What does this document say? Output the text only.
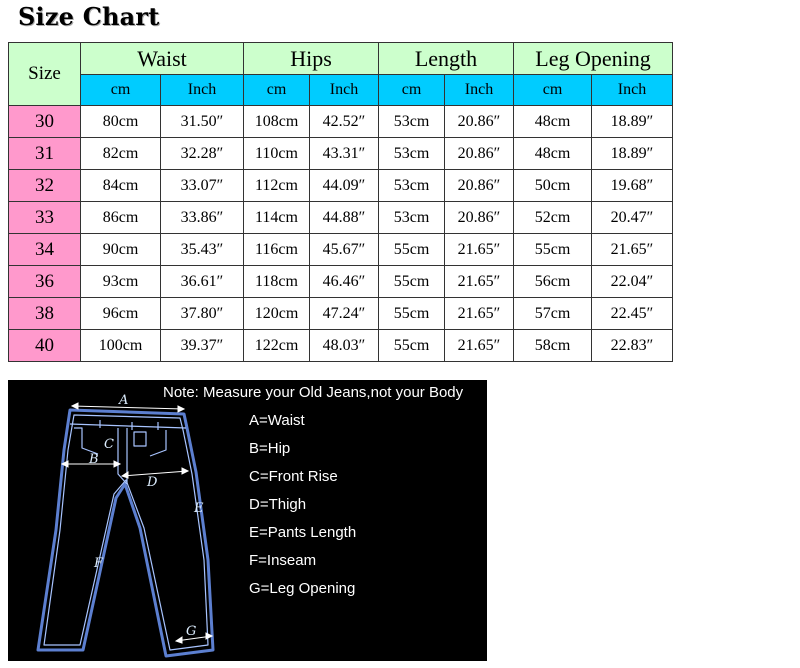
Size Chart
Size	Waist		Hips		Length		Leg Opening	
	cm	Inch	cm	Inch	cm	Inch	cm	Inch
30	80cm	31.50″	108cm	42.52″	53cm	20.86″	48cm	18.89″
31	82cm	32.28″	110cm	43.31″	53cm	20.86″	48cm	18.89″
32	84cm	33.07″	112cm	44.09″	53cm	20.86″	50cm	19.68″
33	86cm	33.86″	114cm	44.88″	53cm	20.86″	52cm	20.47″
34	90cm	35.43″	116cm	45.67″	55cm	21.65″	55cm	21.65″
36	93cm	36.61″	118cm	46.46″	55cm	21.65″	56cm	22.04″
38	96cm	37.80″	120cm	47.24″	55cm	21.65″	57cm	22.45″
40	100cm	39.37″	122cm	48.03″	55cm	21.65″	58cm	22.83″
A
B
C
D
E
F
G
Note: Measure your Old Jeans,not your Body
A=Waist
B=Hip
C=Front Rise
D=Thigh
E=Pants Length
F=Inseam
G=Leg Opening
